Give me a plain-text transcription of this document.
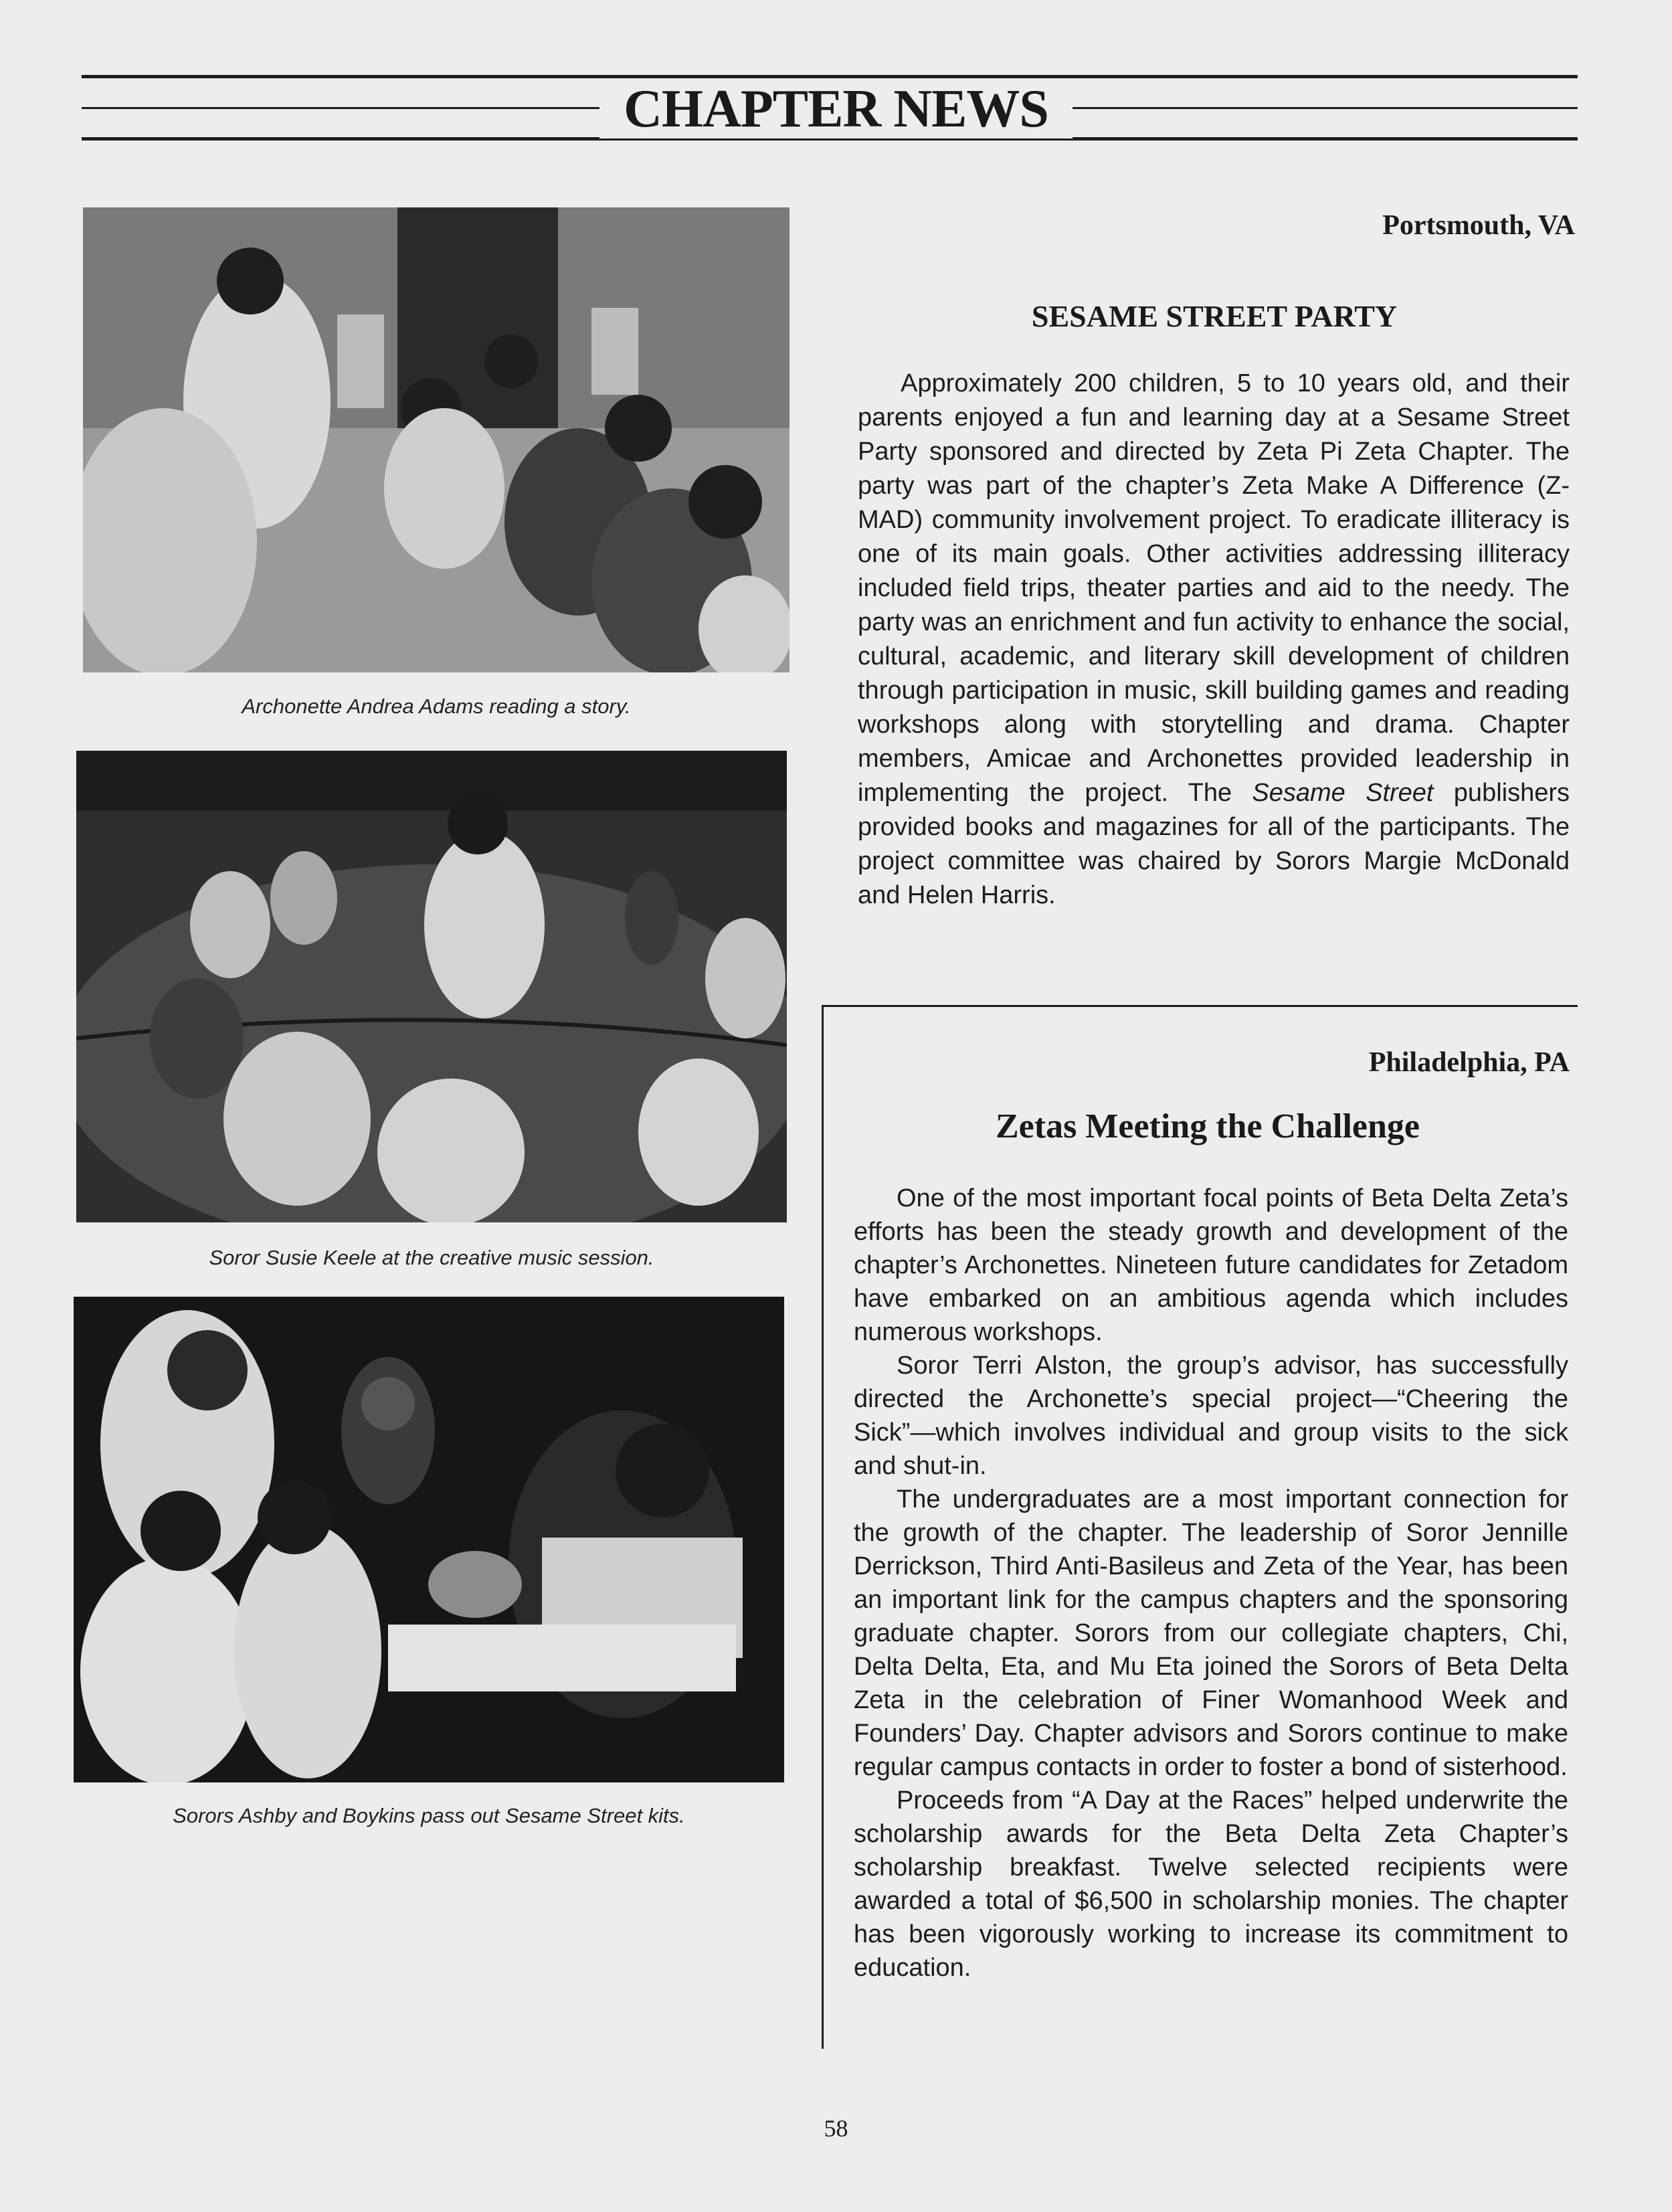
CHAPTER NEWS
Archonette Andrea Adams reading a story.
Soror Susie Keele at the creative music session.
Sorors Ashby and Boykins pass out Sesame Street kits.
Portsmouth, VA
SESAME STREET PARTY

Approximately 200 children, 5 to 10 years old, and their parents enjoyed a fun and learning day at a Sesame Street Party sponsored and directed by Zeta Pi Zeta Chapter. The party was part of the chapter’s Zeta Make A Difference (Z-MAD) community involvement project. To eradicate illiteracy is one of its main goals. Other activities addressing illiteracy included field trips, theater parties and aid to the needy. The party was an enrichment and fun activity to enhance the social, cultural, academic, and literary skill development of children through participation in music, skill building games and reading workshops along with storytelling and drama. Chapter members, Amicae and Archonettes provided leadership in implementing the project. The Sesame Street publishers provided books and magazines for all of the participants. The project committee was chaired by Sorors Margie McDonald and Helen Harris.

Philadelphia, PA
Zetas Meeting the Challenge

One of the most important focal points of Beta Delta Zeta’s efforts has been the steady growth and development of the chapter’s Archonettes. Nineteen future candidates for Zetadom have embarked on an ambitious agenda which includes numerous workshops.

Soror Terri Alston, the group’s advisor, has successfully directed the Archonette’s special project—“Cheering the Sick”—which involves individual and group visits to the sick and shut-in.

The undergraduates are a most important connection for the growth of the chapter. The leadership of Soror Jennille Derrickson, Third Anti-Basileus and Zeta of the Year, has been an important link for the campus chapters and the sponsoring graduate chapter. Sorors from our collegiate chapters, Chi, Delta Delta, Eta, and Mu Eta joined the Sorors of Beta Delta Zeta in the celebration of Finer Womanhood Week and Founders’ Day. Chapter advisors and Sorors continue to make regular campus contacts in order to foster a bond of sisterhood.

Proceeds from “A Day at the Races” helped underwrite the scholarship awards for the Beta Delta Zeta Chapter’s scholarship breakfast. Twelve selected recipients were awarded a total of $6,500 in scholarship monies. The chapter has been vigorously working to increase its commitment to education.

58
